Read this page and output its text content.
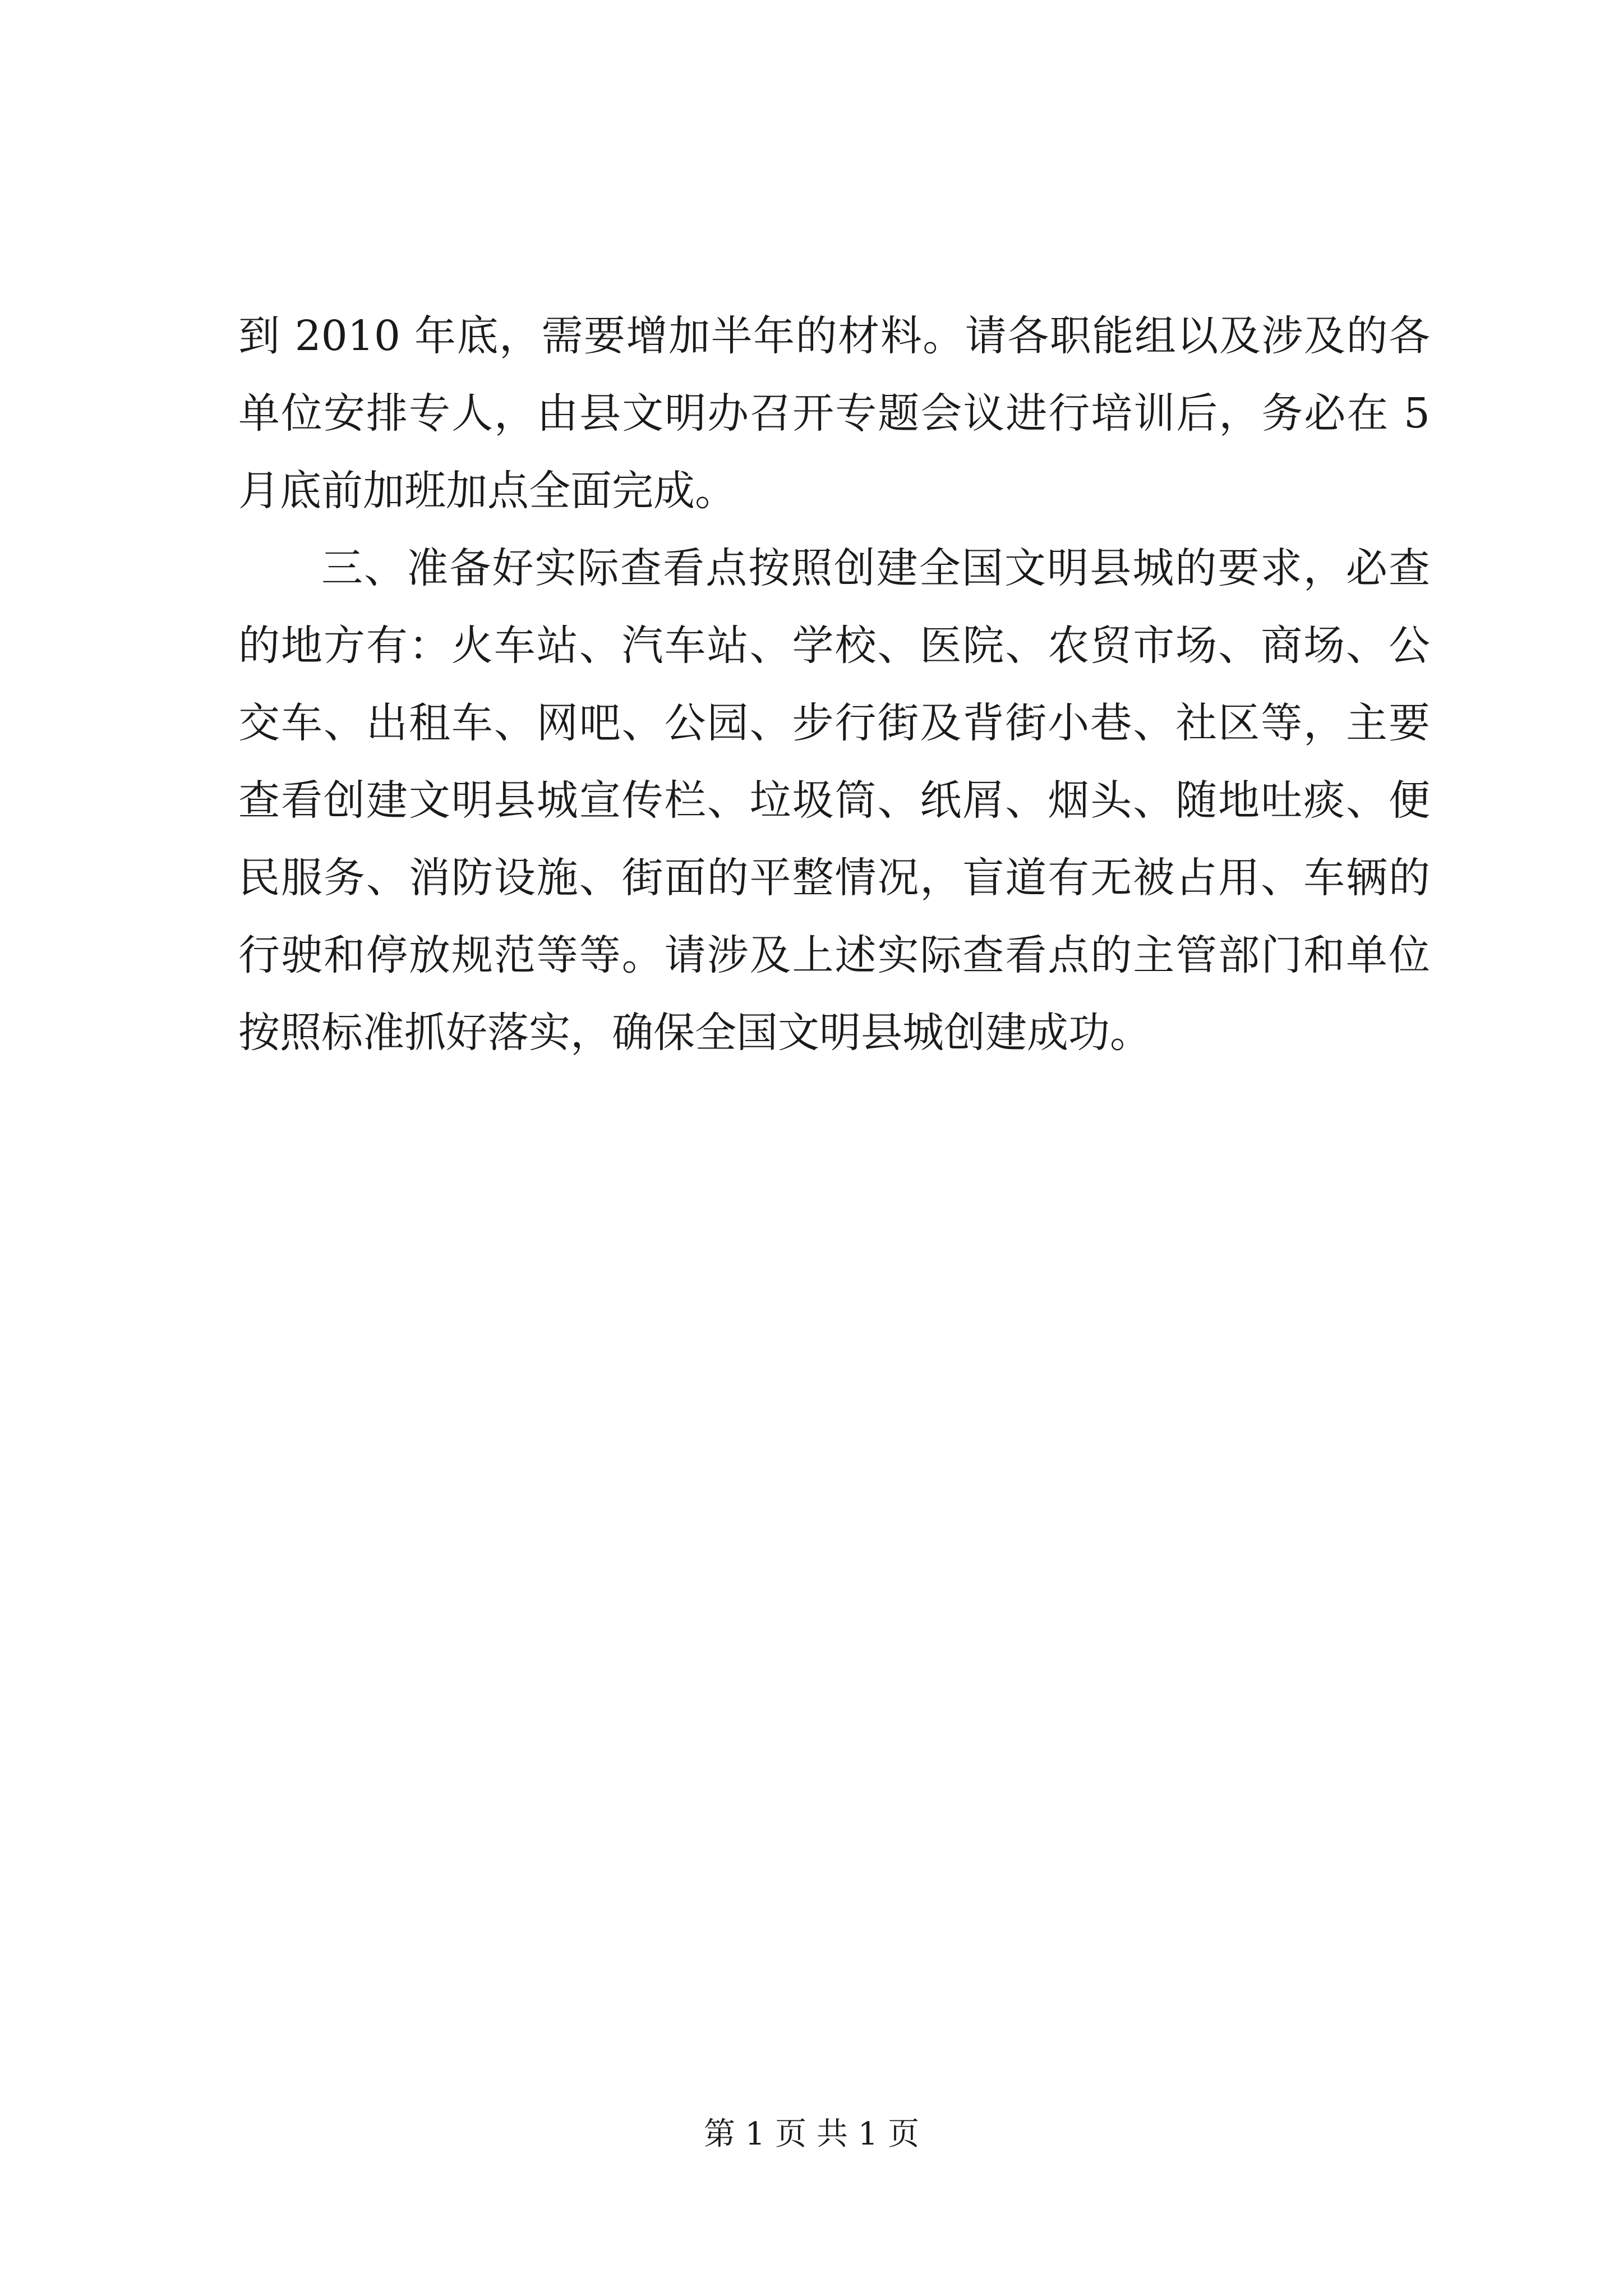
到 2010 年底，需要增加半年的材料。请各职能组以及涉及的各
单位安排专人，由县文明办召开专题会议进行培训后，务必在 5
月底前加班加点全面完成。
三、准备好实际查看点按照创建全国文明县城的要求，必查
的地方有：火车站、汽车站、学校、医院、农贸市场、商场、公
交车、出租车、网吧、公园、步行街及背街小巷、社区等，主要
查看创建文明县城宣传栏、垃圾筒、纸屑、烟头、随地吐痰、便
民服务、消防设施、街面的平整情况，盲道有无被占用、车辆的
行驶和停放规范等等。请涉及上述实际查看点的主管部门和单位
按照标准抓好落实，确保全国文明县城创建成功。
第 1 页 共 1 页
